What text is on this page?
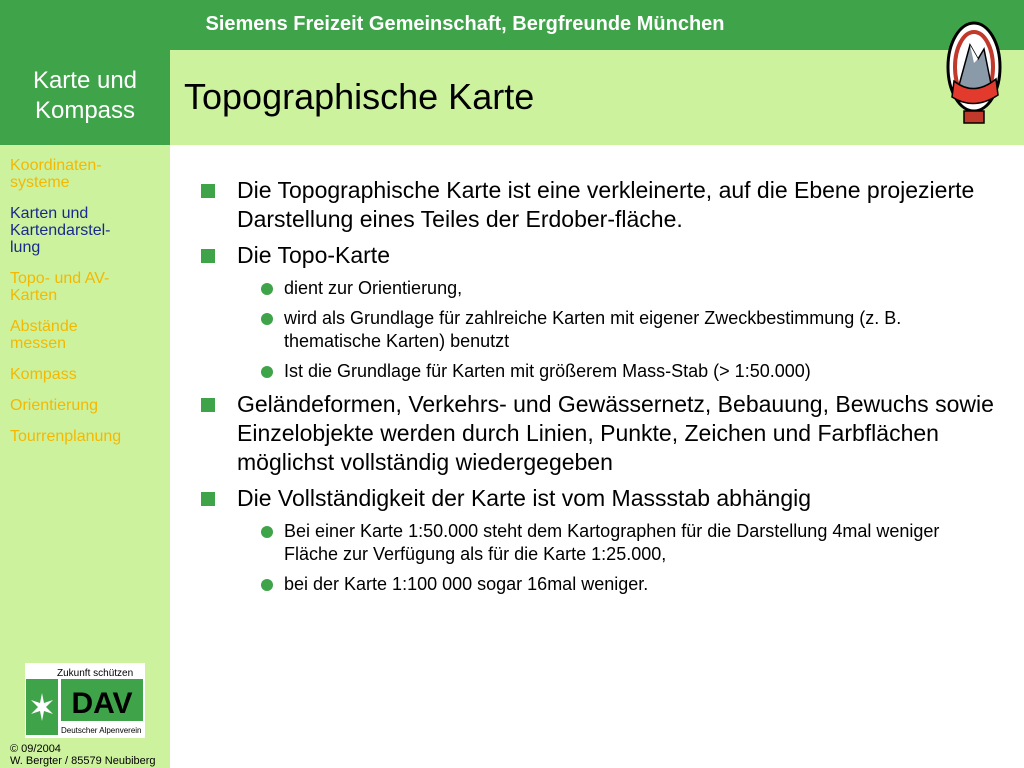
Siemens Freizeit Gemeinschaft, Bergfreunde München
Karte und
Kompass	Topographische Karte
Koordinaten-
systeme
Karten und
Kartendarstel-
lung
Topo- und AV-
Karten
Abstände
messen
Kompass
Orientierung
Tourrenplanung
Zukunft schützen
DAV
Deutscher Alpenverein
© 09/2004
W. Bergter / 85579 Neubiberg
Die Topographische Karte ist eine verkleinerte, auf die Ebene projezierte Darstellung eines Teiles der Erdober-fläche.
Die Topo-Karte
dient zur Orientierung,
wird als Grundlage für zahlreiche Karten mit eigener Zweckbestimmung (z. B. thematische Karten) benutzt
Ist die Grundlage für Karten mit größerem Mass-Stab (> 1:50.000)
Geländeformen, Verkehrs- und Gewässernetz, Bebauung, Bewuchs sowie Einzelobjekte werden durch Linien, Punkte, Zeichen und Farbflächen möglichst vollständig wiedergegeben
Die Vollständigkeit der Karte ist vom Massstab abhängig
Bei einer Karte 1:50.000 steht dem Kartographen für die Darstellung 4mal weniger Fläche zur Verfügung als für die Karte 1:25.000,
bei der Karte 1:100 000 sogar 16mal weniger.
